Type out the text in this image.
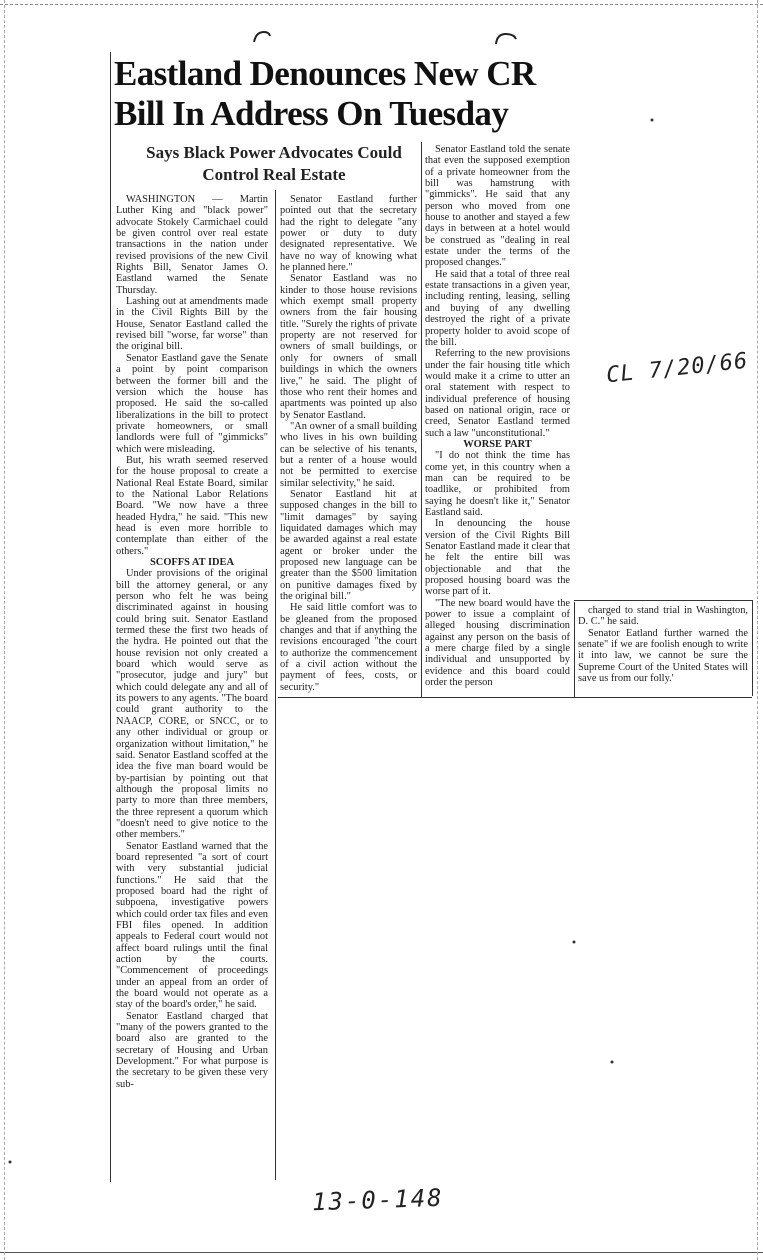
Eastland Denounces New CR Bill In Address On Tuesday
Says Black Power Advocates Could Control Real Estate

WASHINGTON — Martin Luther King and "black power" advocate Stokely Carmichael could be given control over real estate transactions in the nation under revised provisions of the new Civil Rights Bill, Senator James O. Eastland warned the Senate Thursday.

Lashing out at amendments made in the Civil Rights Bill by the House, Senator Eastland called the revised bill "worse, far worse" than the original bill.

Senator Eastland gave the Senate a point by point comparison between the former bill and the version which the house has proposed. He said the so-called liberalizations in the bill to protect private homeowners, or small landlords were full of "gimmicks" which were misleading.

But, his wrath seemed reserved for the house proposal to create a National Real Estate Board, similar to the National Labor Relations Board. "We now have a three headed Hydra," he said. "This new head is even more horrible to contemplate than either of the others."

SCOFFS AT IDEA

Under provisions of the original bill the attorney general, or any person who felt he was being discriminated against in housing could bring suit. Senator Eastland termed these the first two heads of the hydra. He pointed out that the house revision not only created a board which would serve as "prosecutor, judge and jury" but which could delegate any and all of its powers to any agents. "The board could grant authority to the NAACP, CORE, or SNCC, or to any other individual or group or organization without limitation," he said. Senator Eastland scoffed at the idea the five man board would be by-partisian by pointing out that although the proposal limits no party to more than three members, the three represent a quorum which "doesn't need to give notice to the other members."

Senator Eastland warned that the board represented "a sort of court with very substantial judicial functions." He said that the proposed board had the right of subpoena, investigative powers which could order tax files and even FBI files opened. In addition appeals to Federal court would not affect board rulings until the final action by the courts. "Commencement of proceedings under an appeal from an order of the board would not operate as a stay of the board's order," he said.

Senator Eastland charged that "many of the powers granted to the board also are granted to the secretary of Housing and Urban Development." For what purpose is the secretary to be given these very sub-

Senator Eastland further pointed out that the secretary had the right to delegate "any power or duty to duty designated representative. We have no way of knowing what he planned here."

Senator Eastland was no kinder to those house revisions which exempt small property owners from the fair housing title. "Surely the rights of private property are not reserved for owners of small buildings, or only for owners of small buildings in which the owners live," he said. The plight of those who rent their homes and apartments was pointed up also by Senator Eastland.

"An owner of a small building who lives in his own building can be selective of his tenants, but a renter of a house would not be permitted to exercise similar selectivity," he said.

Senator Eastland hit at supposed changes in the bill to "limit damages" by saying liquidated damages which may be awarded against a real estate agent or broker under the proposed new language can be greater than the $500 limitation on punitive damages fixed by the original bill."

He said little comfort was to be gleaned from the proposed changes and that if anything the revisions encouraged "the court to authorize the commencement of a civil action without the payment of fees, costs, or security."

Senator Eastland told the senate that even the supposed exemption of a private homeowner from the bill was hamstrung with "gimmicks". He said that any person who moved from one house to another and stayed a few days in between at a hotel would be construed as "dealing in real estate under the terms of the proposed changes."

He said that a total of three real estate transactions in a given year, including renting, leasing, selling and buying of any dwelling destroyed the right of a private property holder to avoid scope of the bill.

Referring to the new provisions under the fair housing title which would make it a crime to utter an oral statement with respect to individual preference of housing based on national origin, race or creed, Senator Eastland termed such a law "unconstitutional."

WORSE PART

"I do not think the time has come yet, in this country when a man can be required to be toadlike, or prohibited from saying he doesn't like it," Senator Eastland said.

In denouncing the house version of the Civil Rights Bill Senator Eastland made it clear that he felt the entire bill was objectionable and that the proposed housing board was the worse part of it.

"The new board would have the power to issue a complaint of alleged housing discrimination against any person on the basis of a mere charge filed by a single individual and unsupported by evidence and this board could order the person

charged to stand trial in Washington, D. C." he said.

Senator Eatland further warned the senate" if we are foolish enough to write it into law, we cannot be sure the Supreme Court of the United States will save us from our folly.'

CL 7/20/66
13-0-148
